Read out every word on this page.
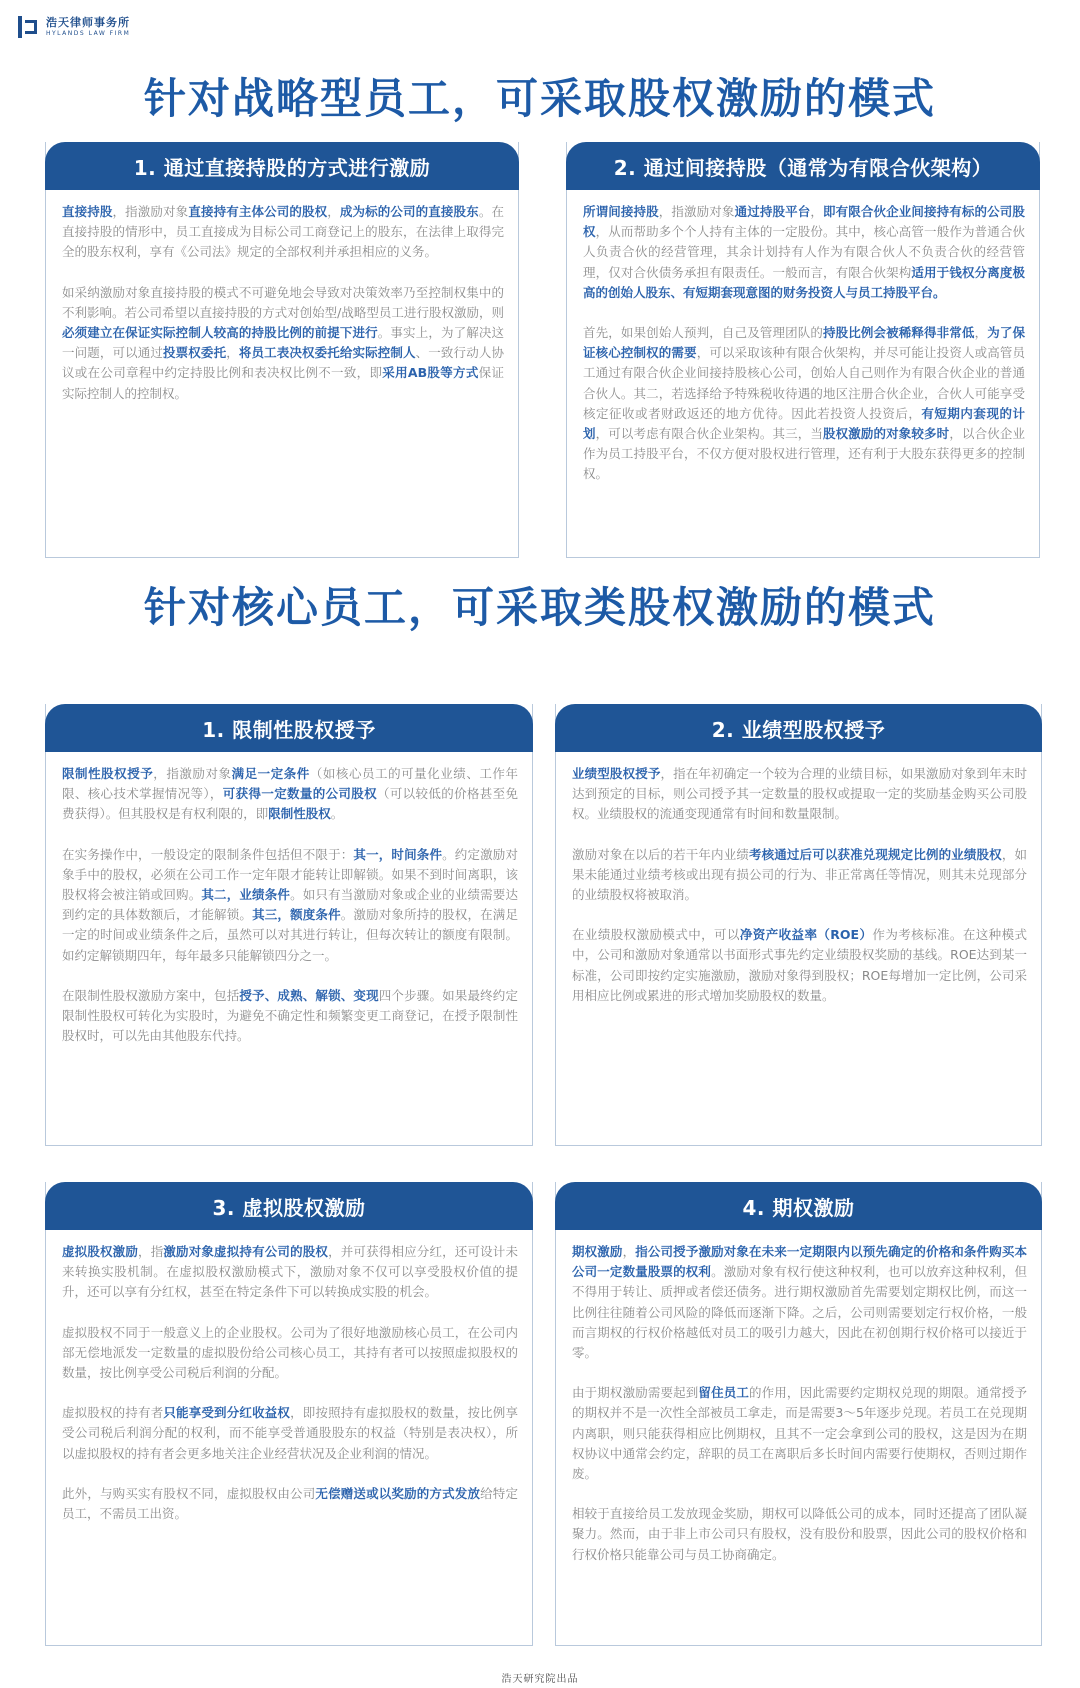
浩天律师事务所
HYLANDS LAW FIRM
针对战略型员工，可采取股权激励的模式
针对核心员工，可采取类股权激励的模式
1. 通过直接持股的方式进行激励

直接持股，指激励对象直接持有主体公司的股权，成为标的公司的直接股东。在直接持股的情形中，员工直接成为目标公司工商登记上的股东，在法律上取得完全的股东权利，享有《公司法》规定的全部权利并承担相应的义务。

如采纳激励对象直接持股的模式不可避免地会导致对决策效率乃至控制权集中的不利影响。若公司希望以直接持股的方式对创始型/战略型员工进行股权激励，则必须建立在保证实际控制人较高的持股比例的前提下进行。事实上，为了解决这一问题，可以通过投票权委托，将员工表决权委托给实际控制人、一致行动人协议或在公司章程中约定持股比例和表决权比例不一致，即采用AB股等方式保证实际控制人的控制权。

2. 通过间接持股（通常为有限合伙架构）

所谓间接持股，指激励对象通过持股平台，即有限合伙企业间接持有标的公司股权，从而帮助多个个人持有主体的一定股份。其中，核心高管一般作为普通合伙人负责合伙的经营管理，其余计划持有人作为有限合伙人不负责合伙的经营管理，仅对合伙债务承担有限责任。一般而言，有限合伙架构适用于钱权分离度极高的创始人股东、有短期套现意图的财务投资人与员工持股平台。

首先，如果创始人预判，自己及管理团队的持股比例会被稀释得非常低，为了保证核心控制权的需要，可以采取该种有限合伙架构，并尽可能让投资人或高管员工通过有限合伙企业间接持股核心公司，创始人自己则作为有限合伙企业的普通合伙人。其二，若选择给予特殊税收待遇的地区注册合伙企业，合伙人可能享受核定征收或者财政返还的地方优待。因此若投资人投资后，有短期内套现的计划，可以考虑有限合伙企业架构。其三，当股权激励的对象较多时，以合伙企业作为员工持股平台，不仅方便对股权进行管理，还有利于大股东获得更多的控制权。

1. 限制性股权授予

限制性股权授予，指激励对象满足一定条件（如核心员工的可量化业绩、工作年限、核心技术掌握情况等），可获得一定数量的公司股权（可以较低的价格甚至免费获得）。但其股权是有权利限的，即限制性股权。

在实务操作中，一般设定的限制条件包括但不限于：其一，时间条件。约定激励对象手中的股权，必须在公司工作一定年限才能转让即解锁。如果不到时间离职，该股权将会被注销或回购。其二，业绩条件。如只有当激励对象或企业的业绩需要达到约定的具体数额后，才能解锁。其三，额度条件。激励对象所持的股权，在满足一定的时间或业绩条件之后，虽然可以对其进行转让，但每次转让的额度有限制。如约定解锁期四年，每年最多只能解锁四分之一。

在限制性股权激励方案中，包括授予、成熟、解锁、变现四个步骤。如果最终约定限制性股权可转化为实股时，为避免不确定性和频繁变更工商登记，在授予限制性股权时，可以先由其他股东代持。

2. 业绩型股权授予

业绩型股权授予，指在年初确定一个较为合理的业绩目标，如果激励对象到年末时达到预定的目标，则公司授予其一定数量的股权或提取一定的奖励基金购买公司股权。业绩股权的流通变现通常有时间和数量限制。

激励对象在以后的若干年内业绩考核通过后可以获准兑现规定比例的业绩股权，如果未能通过业绩考核或出现有损公司的行为、非正常离任等情况，则其未兑现部分的业绩股权将被取消。

在业绩股权激励模式中，可以净资产收益率（ROE）作为考核标准。在这种模式中，公司和激励对象通常以书面形式事先约定业绩股权奖励的基线。ROE达到某一标准，公司即按约定实施激励，激励对象得到股权；ROE每增加一定比例，公司采用相应比例或累进的形式增加奖励股权的数量。

3. 虚拟股权激励

虚拟股权激励，指激励对象虚拟持有公司的股权，并可获得相应分红，还可设计未来转换实股机制。在虚拟股权激励模式下，激励对象不仅可以享受股权价值的提升，还可以享有分红权，甚至在特定条件下可以转换成实股的机会。

虚拟股权不同于一般意义上的企业股权。公司为了很好地激励核心员工，在公司内部无偿地派发一定数量的虚拟股份给公司核心员工，其持有者可以按照虚拟股权的数量，按比例享受公司税后利润的分配。

虚拟股权的持有者只能享受到分红收益权，即按照持有虚拟股权的数量，按比例享受公司税后利润分配的权利，而不能享受普通股股东的权益（特别是表决权），所以虚拟股权的持有者会更多地关注企业经营状况及企业利润的情况。

此外，与购买实有股权不同，虚拟股权由公司无偿赠送或以奖励的方式发放给特定员工，不需员工出资。

4. 期权激励

期权激励，指公司授予激励对象在未来一定期限内以预先确定的价格和条件购买本公司一定数量股票的权利。激励对象有权行使这种权利，也可以放弃这种权利，但不得用于转让、质押或者偿还债务。进行期权激励首先需要划定期权比例，而这一比例往往随着公司风险的降低而逐渐下降。之后，公司则需要划定行权价格，一般而言期权的行权价格越低对员工的吸引力越大，因此在初创期行权价格可以接近于零。

由于期权激励需要起到留住员工的作用，因此需要约定期权兑现的期限。通常授予的期权并不是一次性全部被员工拿走，而是需要3～5年逐步兑现。若员工在兑现期内离职，则只能获得相应比例期权，且其不一定会拿到公司的股权，这是因为在期权协议中通常会约定，辞职的员工在离职后多长时间内需要行使期权，否则过期作废。

相较于直接给员工发放现金奖励，期权可以降低公司的成本，同时还提高了团队凝聚力。然而，由于非上市公司只有股权，没有股份和股票，因此公司的股权价格和行权价格只能靠公司与员工协商确定。

浩天研究院出品
